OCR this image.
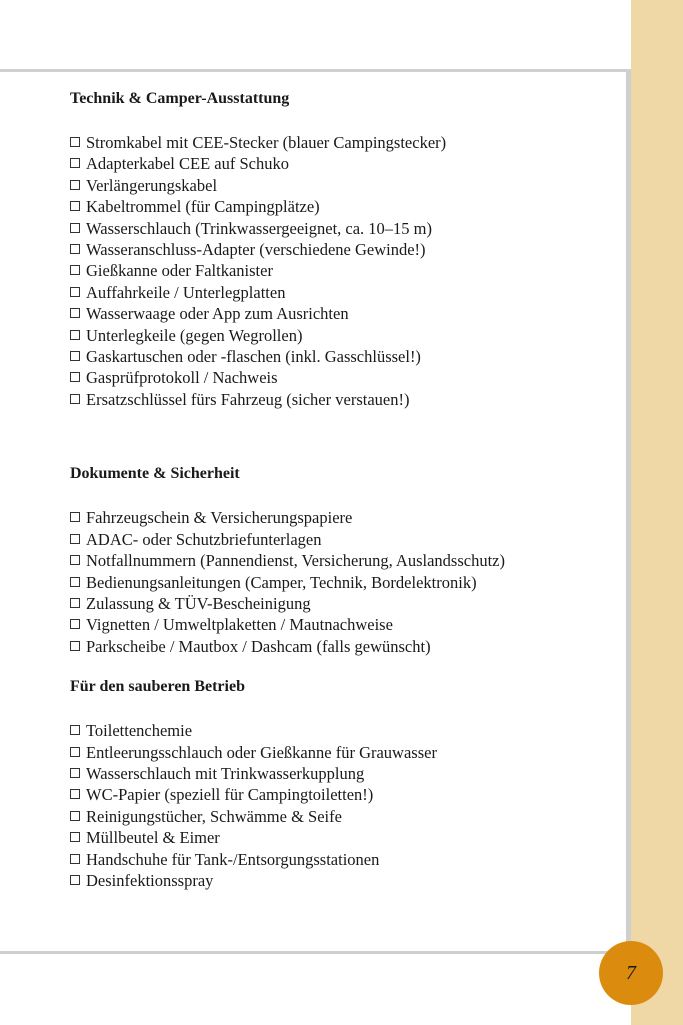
Technik & Camper-Ausstattung
Stromkabel mit CEE-Stecker (blauer Campingstecker)
Adapterkabel CEE auf Schuko
Verlängerungskabel
Kabeltrommel (für Campingplätze)
Wasserschlauch (Trinkwassergeeignet, ca. 10–15 m)
Wasseranschluss-Adapter (verschiedene Gewinde!)
Gießkanne oder Faltkanister
Auffahrkeile / Unterlegplatten
Wasserwaage oder App zum Ausrichten
Unterlegkeile (gegen Wegrollen)
Gaskartuschen oder -flaschen (inkl. Gasschlüssel!)
Gasprüfprotokoll / Nachweis
Ersatzschlüssel fürs Fahrzeug (sicher verstauen!)
Dokumente & Sicherheit
Fahrzeugschein & Versicherungspapiere
ADAC- oder Schutzbriefunterlagen
Notfallnummern (Pannendienst, Versicherung, Auslandsschutz)
Bedienungsanleitungen (Camper, Technik, Bordelektronik)
Zulassung & TÜV-Bescheinigung
Vignetten / Umweltplaketten / Mautnachweise
Parkscheibe / Mautbox / Dashcam (falls gewünscht)
Für den sauberen Betrieb
Toilettenchemie
Entleerungsschlauch oder Gießkanne für Grauwasser
Wasserschlauch mit Trinkwasserkupplung
WC-Papier (speziell für Campingtoiletten!)
Reinigungstücher, Schwämme & Seife
Müllbeutel & Eimer
Handschuhe für Tank-/Entsorgungsstationen
Desinfektionsspray
7
